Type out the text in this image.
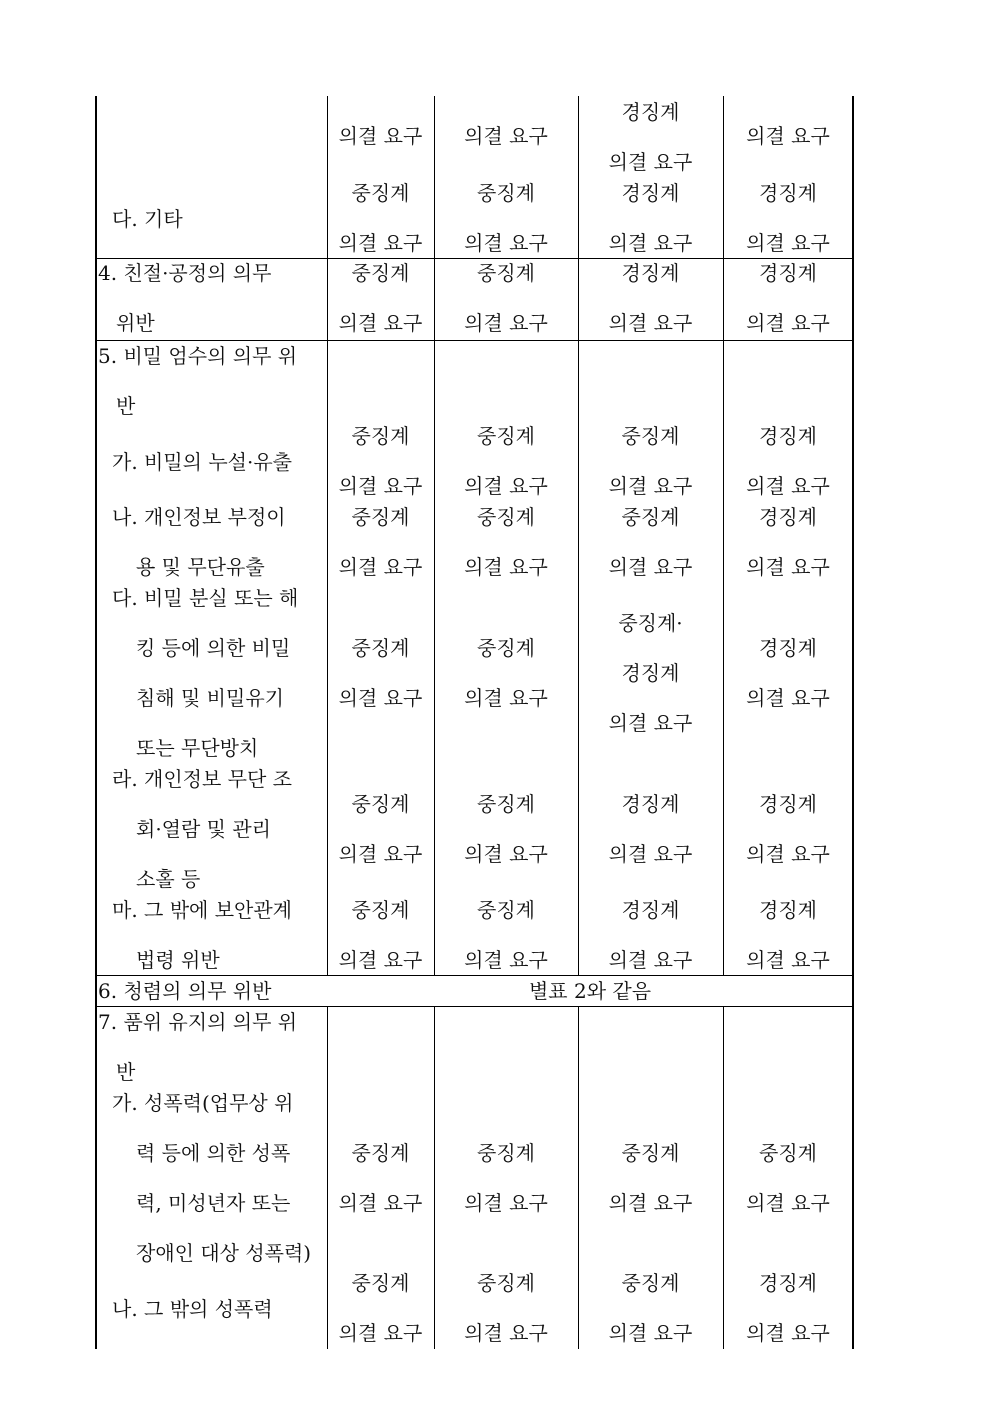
다. 기타
의결 요구
중징계
의결 요구
의결 요구
중징계
의결 요구
경징계
의결 요구
경징계
의결 요구
의결 요구
경징계
의결 요구
4. 친절·공정의 의무
위반
중징계
의결 요구
중징계
의결 요구
경징계
의결 요구
경징계
의결 요구
5. 비밀 엄수의 의무 위
반
가. 비밀의 누설·유출
중징계
의결 요구
중징계
의결 요구
중징계
의결 요구
경징계
의결 요구
나. 개인정보 부정이
용 및 무단유출
중징계
의결 요구
중징계
의결 요구
중징계
의결 요구
경징계
의결 요구
다. 비밀 분실 또는 해
킹 등에 의한 비밀
침해 및 비밀유기
또는 무단방치
중징계
의결 요구
중징계
의결 요구
중징계·
경징계
의결 요구
경징계
의결 요구
라. 개인정보 무단 조
회·열람 및 관리
소홀 등
중징계
의결 요구
중징계
의결 요구
경징계
의결 요구
경징계
의결 요구
마. 그 밖에 보안관계
법령 위반
중징계
의결 요구
중징계
의결 요구
경징계
의결 요구
경징계
의결 요구
6. 청렴의 의무 위반	별표 2와 같음
7. 품위 유지의 의무 위
반
가. 성폭력(업무상 위
력 등에 의한 성폭
력, 미성년자 또는
장애인 대상 성폭력)
중징계
의결 요구
중징계
의결 요구
중징계
의결 요구
중징계
의결 요구
나. 그 밖의 성폭력
중징계
의결 요구
중징계
의결 요구
중징계
의결 요구
경징계
의결 요구
